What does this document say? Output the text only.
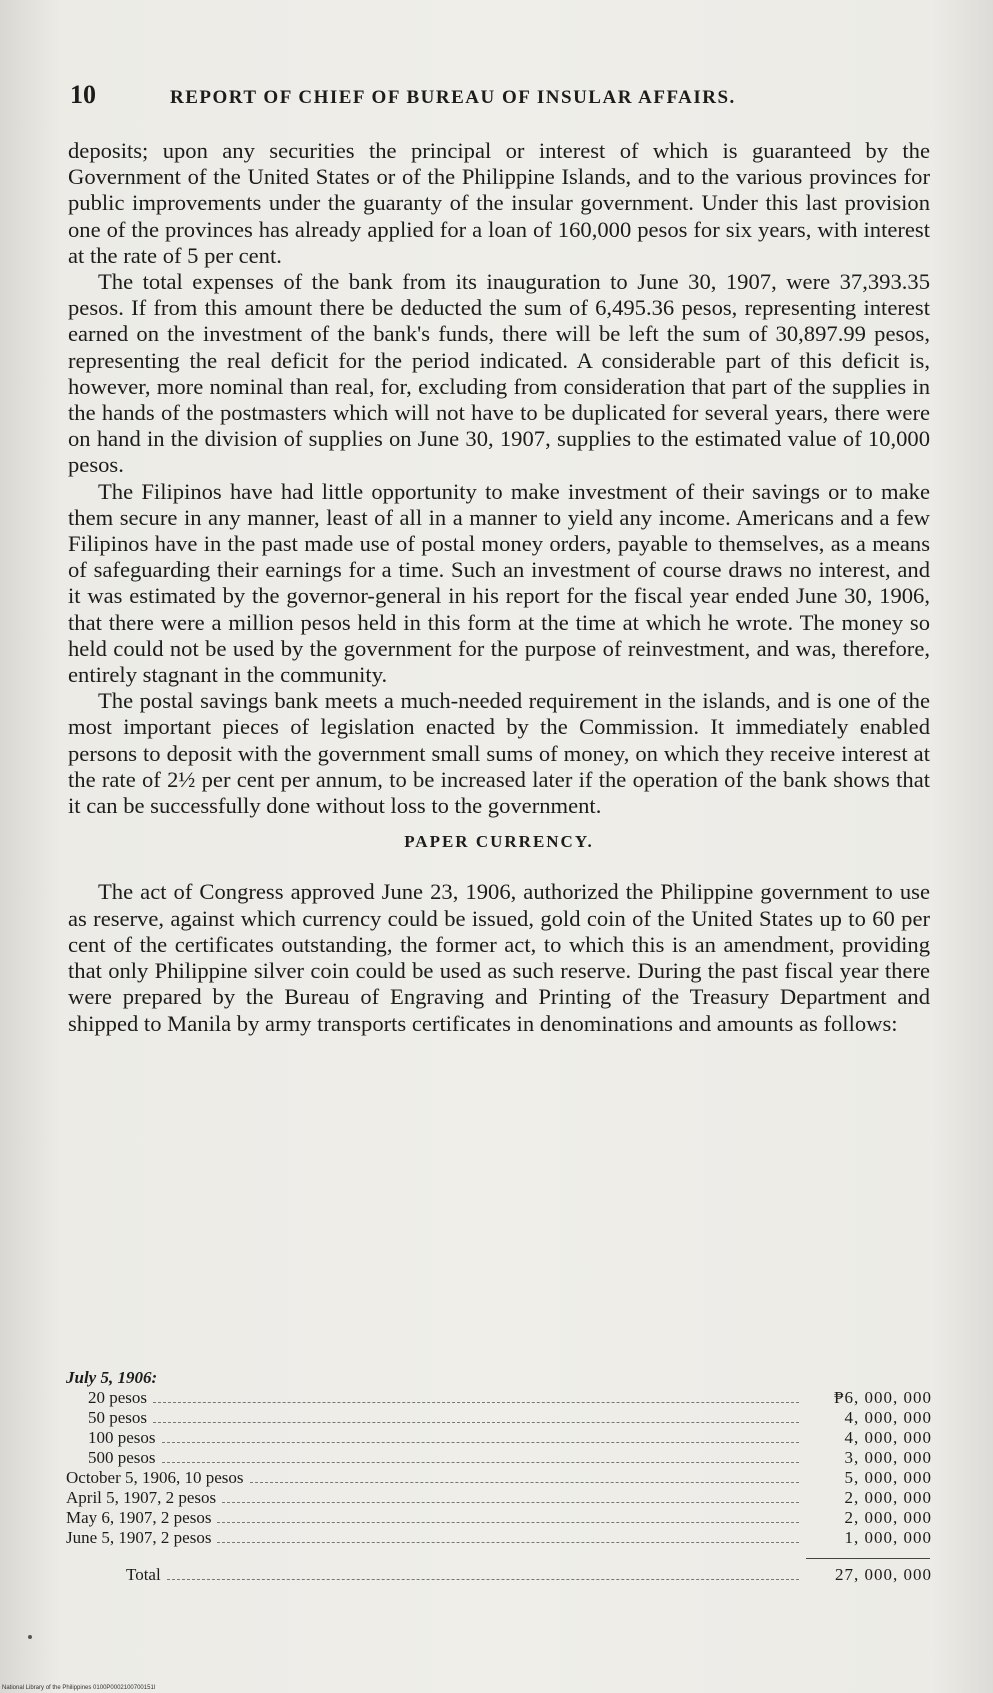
10	REPORT OF CHIEF OF BUREAU OF INSULAR AFFAIRS.

deposits; upon any securities the principal or interest of which is guaranteed by the Government of the United States or of the Philippine Islands, and to the various provinces for public improvements under the guaranty of the insular government. Under this last provision one of the provinces has already applied for a loan of 160,000 pesos for six years, with interest at the rate of 5 per cent.

The total expenses of the bank from its inauguration to June 30, 1907, were 37,393.35 pesos. If from this amount there be deducted the sum of 6,495.36 pesos, representing interest earned on the investment of the bank's funds, there will be left the sum of 30,897.99 pesos, representing the real deficit for the period indicated. A considerable part of this deficit is, however, more nominal than real, for, excluding from consideration that part of the supplies in the hands of the postmasters which will not have to be duplicated for several years, there were on hand in the division of supplies on June 30, 1907, supplies to the estimated value of 10,000 pesos.

The Filipinos have had little opportunity to make investment of their savings or to make them secure in any manner, least of all in a manner to yield any income. Americans and a few Filipinos have in the past made use of postal money orders, payable to themselves, as a means of safeguarding their earnings for a time. Such an investment of course draws no interest, and it was estimated by the governor-general in his report for the fiscal year ended June 30, 1906, that there were a million pesos held in this form at the time at which he wrote. The money so held could not be used by the government for the purpose of reinvestment, and was, therefore, entirely stagnant in the community.

The postal savings bank meets a much-needed requirement in the islands, and is one of the most important pieces of legislation enacted by the Commission. It immediately enabled persons to deposit with the government small sums of money, on which they receive interest at the rate of 2½ per cent per annum, to be increased later if the operation of the bank shows that it can be successfully done without loss to the government.

PAPER CURRENCY.

The act of Congress approved June 23, 1906, authorized the Philippine government to use as reserve, against which currency could be issued, gold coin of the United States up to 60 per cent of the certificates outstanding, the former act, to which this is an amendment, providing that only Philippine silver coin could be used as such reserve. During the past fiscal year there were prepared by the Bureau of Engraving and Printing of the Treasury Department and shipped to Manila by army transports certificates in denominations and amounts as follows:

July 5, 1906:
20 pesos	₱6, 000, 000
50 pesos	4, 000, 000
100 pesos	4, 000, 000
500 pesos	3, 000, 000
October 5, 1906, 10 pesos	5, 000, 000
April 5, 1907, 2 pesos	2, 000, 000
May 6, 1907, 2 pesos	2, 000, 000
June 5, 1907, 2 pesos	1, 000, 000
Total	27, 000, 000
National Library of the Philippines 0100P0002100700151I
